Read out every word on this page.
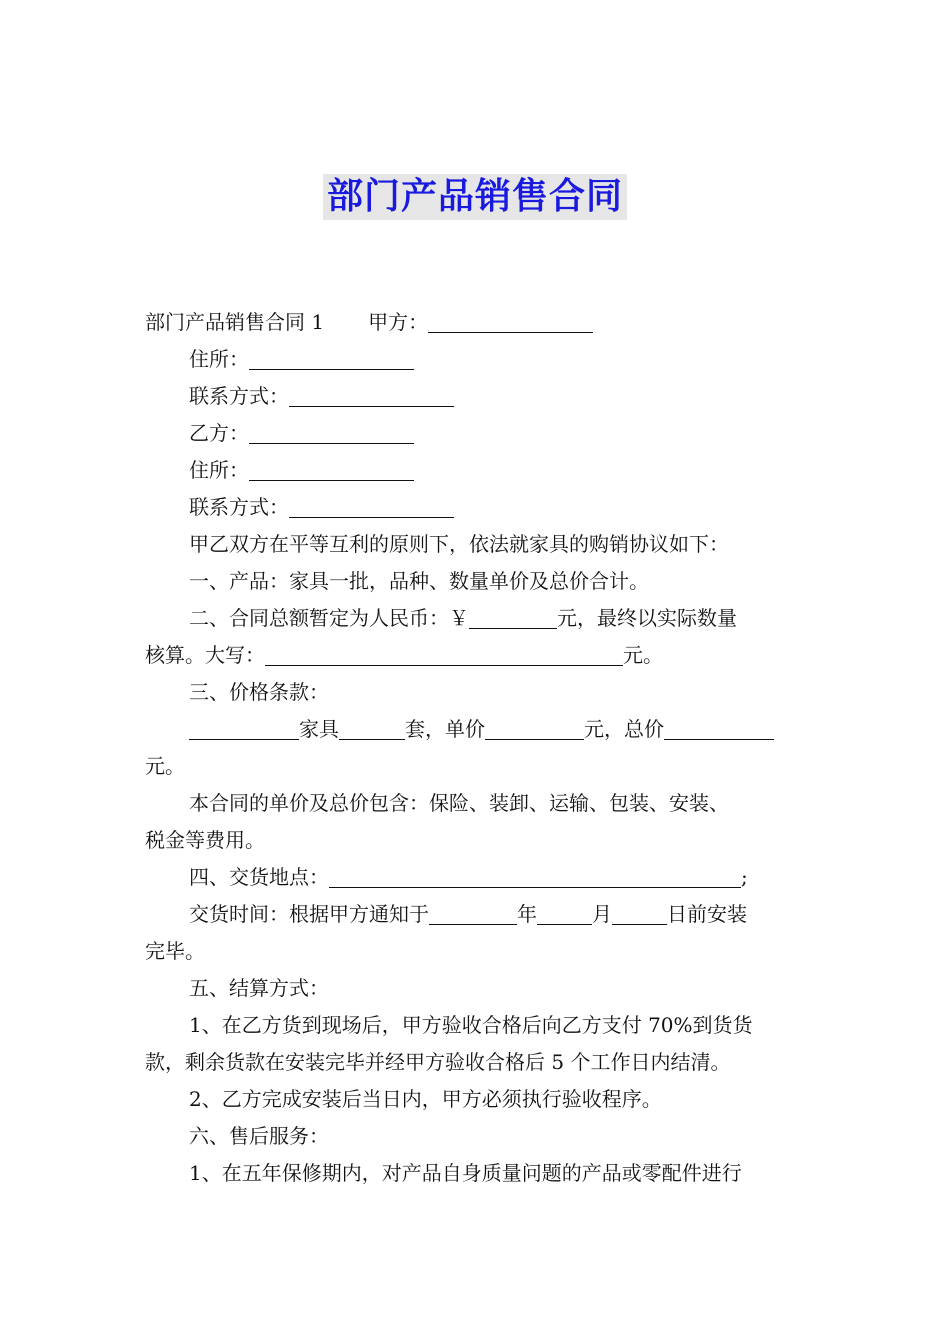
部门产品销售合同

部门产品销售合同 1 甲方：

住所：

联系方式：

乙方：

住所：

联系方式：

甲乙双方在平等互利的原则下，依法就家具的购销协议如下：

一、产品：家具一批，品种、数量单价及总价合计。

二、合同总额暂定为人民币：￥	元，最终以实际数量

核算。大写：	元。

三、价格条款：

家具	套，单价	元，总价

元。

本合同的单价及总价包含：保险、装卸、运输、包装、安装、

税金等费用。

四、交货地点：	;

交货时间：根据甲方通知于	年	月	日前安装

完毕。

五、结算方式：

1、在乙方货到现场后，甲方验收合格后向乙方支付 70%到货货

款，剩余货款在安装完毕并经甲方验收合格后 5 个工作日内结清。

2、乙方完成安装后当日内，甲方必须执行验收程序。

六、售后服务：

1、在五年保修期内，对产品自身质量问题的产品或零配件进行
